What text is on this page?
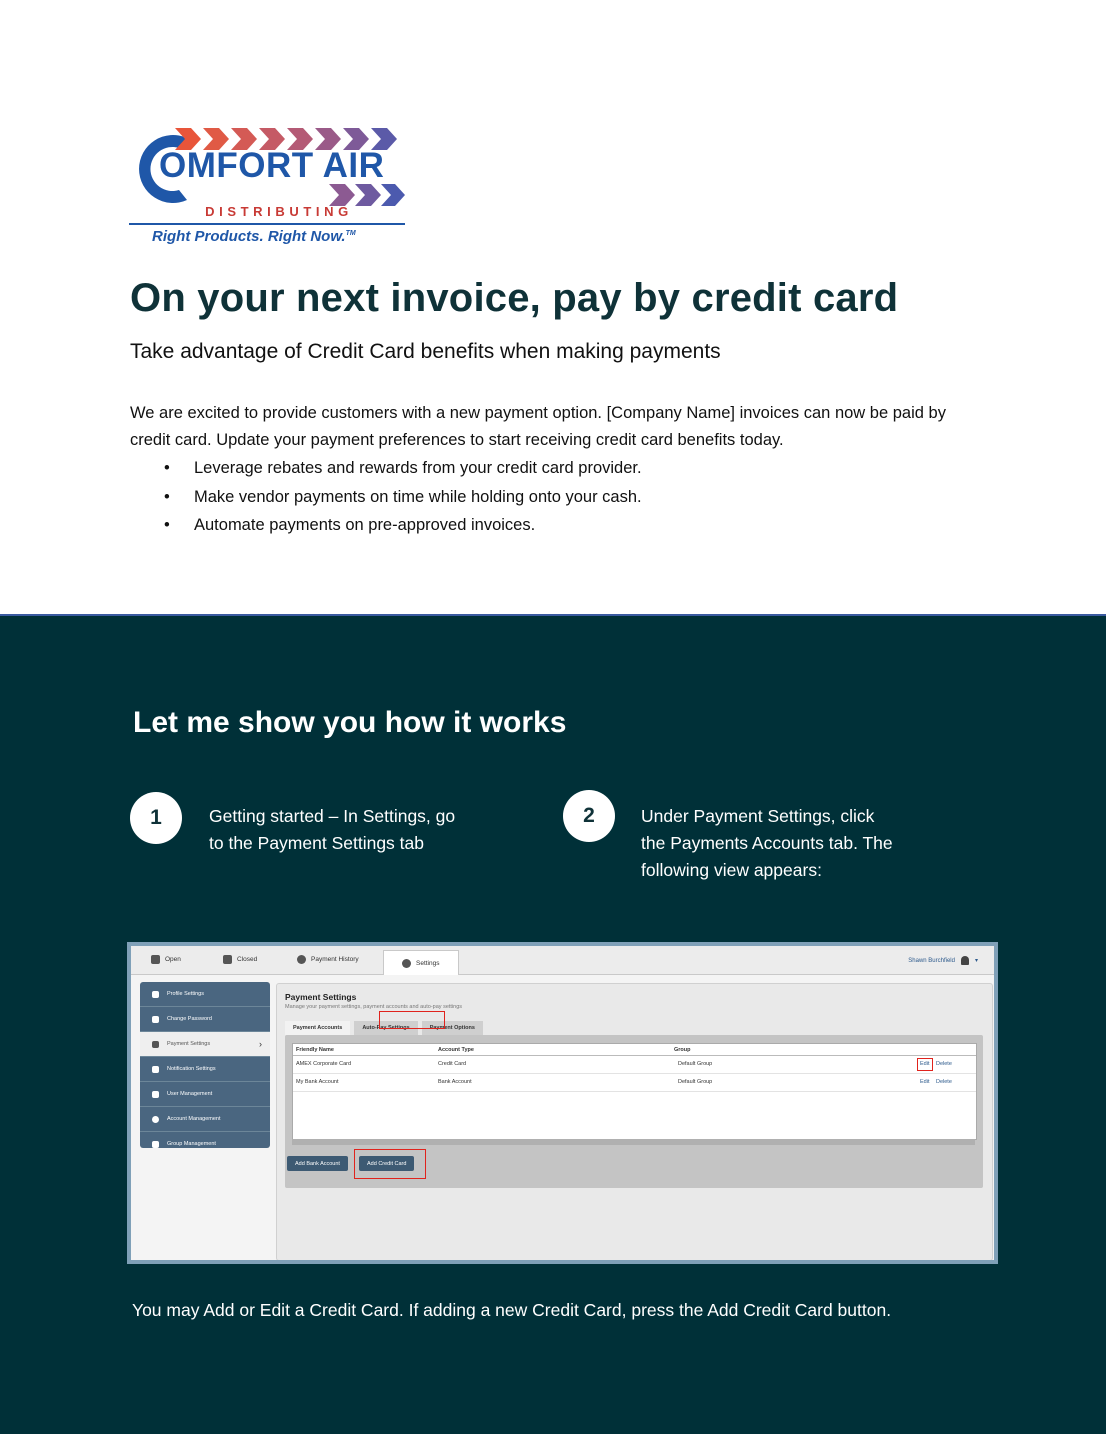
OMFORT AIR
DISTRIBUTING
Right Products. Right Now.™
On your next invoice, pay by credit card
Take advantage of Credit Card benefits when making payments

We are excited to provide customers with a new payment option. [Company Name] invoices can now be paid by credit card. Update your payment preferences to start receiving credit card benefits today.

• Leverage rebates and rewards from your credit card provider.
• Make vendor payments on time while holding onto your cash.
• Automate payments on pre-approved invoices.
Let me show you how it works
1	Getting started – In Settings, go
to the Payment Settings tab
2	Under Payment Settings, click
the Payments Accounts tab. The
following view appears:
Open	Closed	Payment History	Settings	Shawn Burchfield	▾
Profile Settings
Change Password
Payment Settings	›
Notification Settings
User Management
Account Management
Group Management
Payment Settings
Manage your payment settings, payment accounts and auto-pay settings
Payment Accounts	Auto-Pay Settings	Payment Options
Friendly Name	Account Type	Group
AMEX Corporate Card	Credit Card	Default Group	Edit Delete
My Bank Account	Bank Account	Default Group	Edit Delete
Add Bank Account	Add Credit Card
You may Add or Edit a Credit Card. If adding a new Credit Card, press the Add Credit Card button.
